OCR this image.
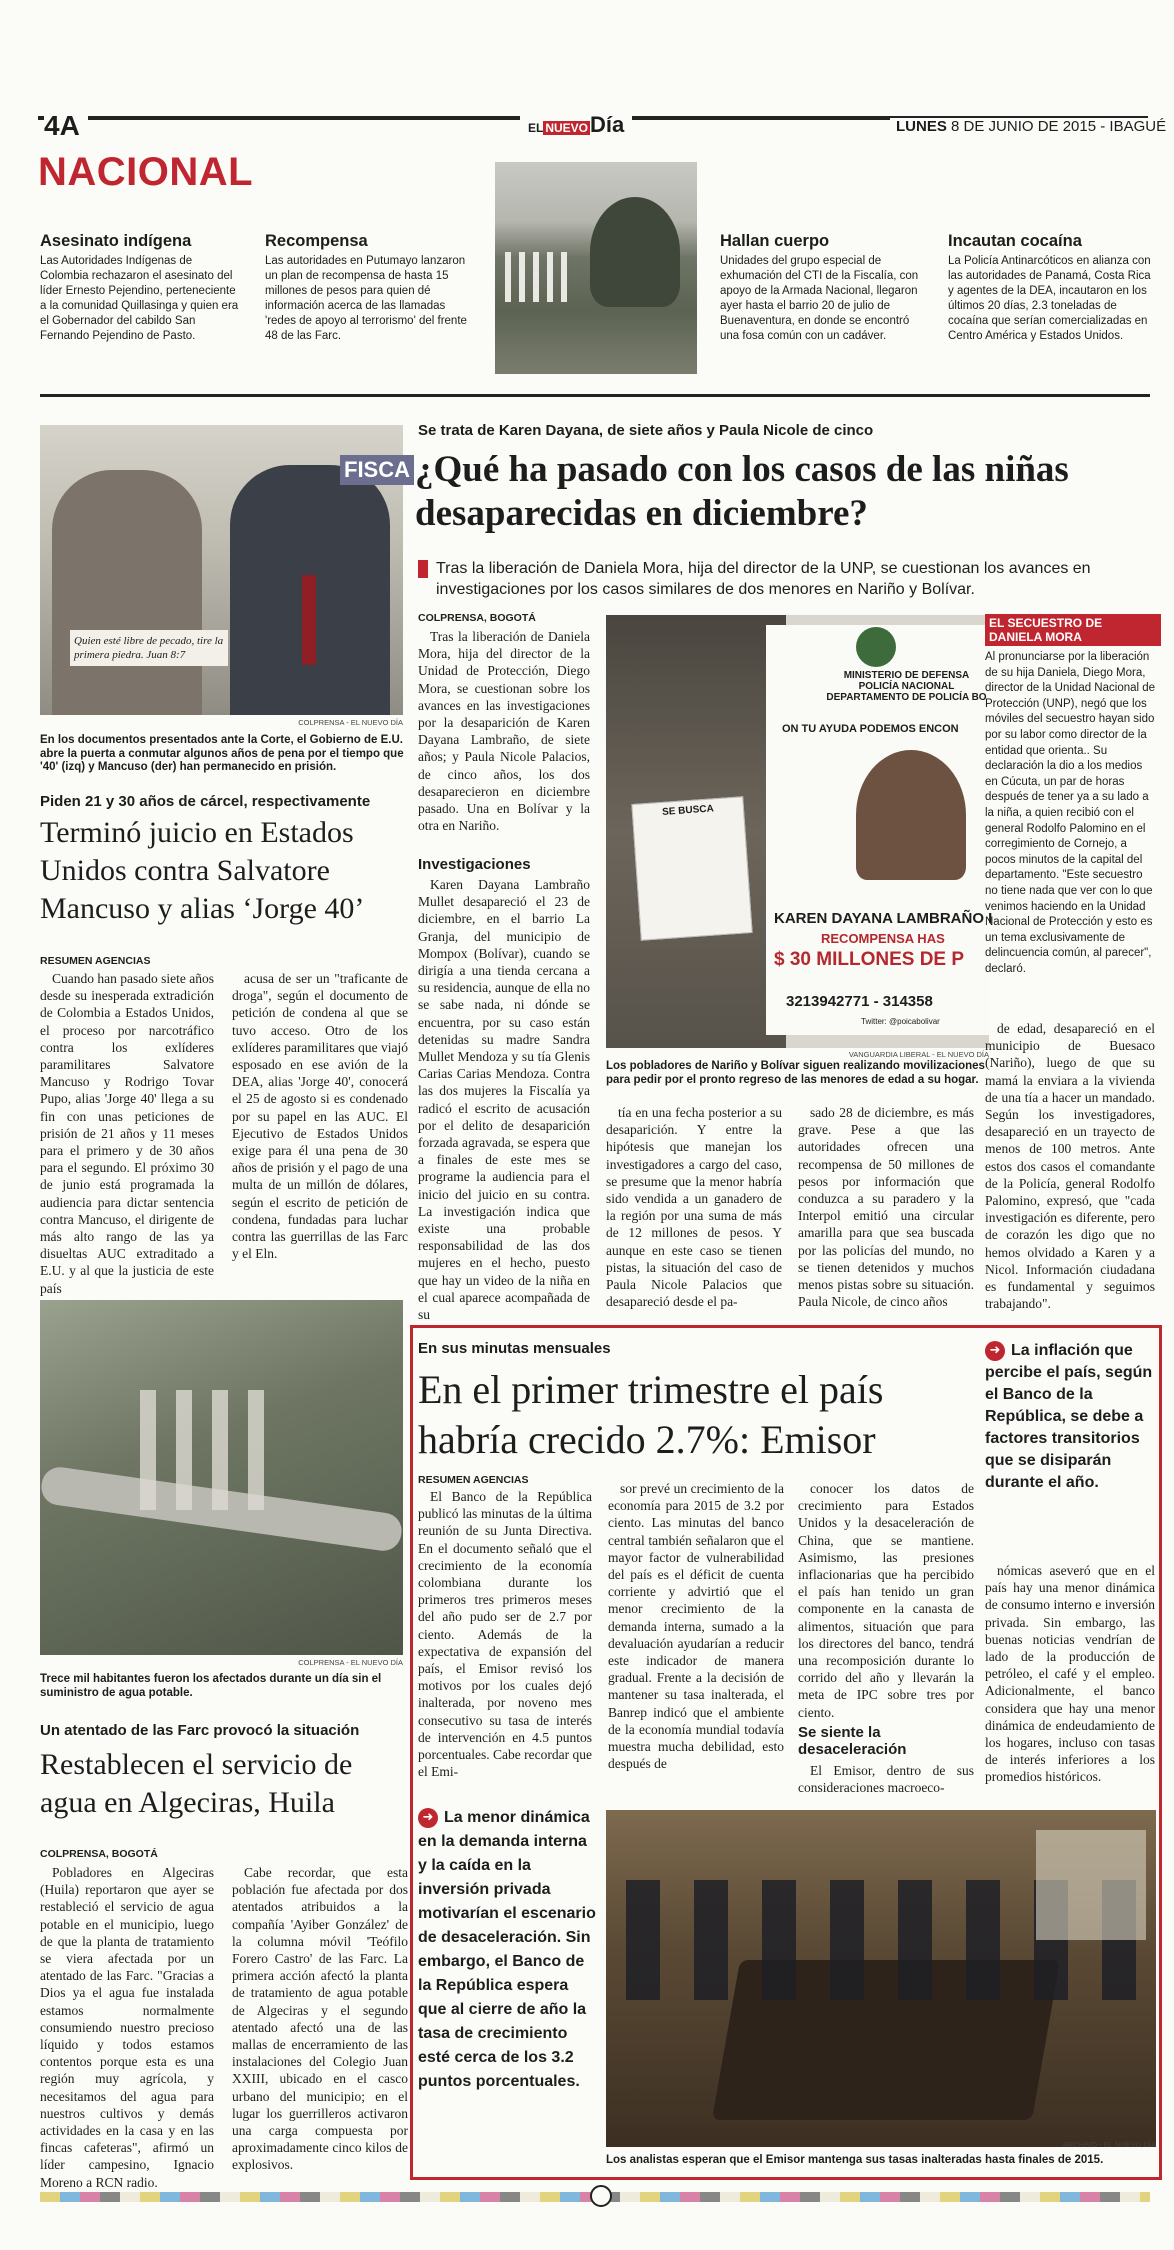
4A
NACIONAL
EL NUEVODía	LUNES 8 DE JUNIO DE 2015 - IBAGUÉ
Asesinato indígena

Las Autoridades Indígenas de Colombia rechazaron el asesinato del líder Ernesto Pejendino, perteneciente a la comunidad Quillasinga y quien era el Gobernador del cabildo San Fernando Pejendino de Pasto.

Recompensa

Las autoridades en Putumayo lanzaron un plan de recompensa de hasta 15 millones de pesos para quien dé información acerca de las llamadas 'redes de apoyo al terrorismo' del frente 48 de las Farc.

Hallan cuerpo

Unidades del grupo especial de exhumación del CTI de la Fiscalía, con apoyo de la Armada Nacional, llegaron ayer hasta el barrio 20 de julio de Buenaventura, en donde se encontró una fosa común con un cadáver.

Incautan cocaína

La Policía Antinarcóticos en alianza con las autoridades de Panamá, Costa Rica y agentes de la DEA, incautaron en los últimos 20 días, 2.3 toneladas de cocaína que serían comercializadas en Centro América y Estados Unidos.

FISCA
Quien esté libre de pecado, tire la primera piedra. Juan 8:7
COLPRENSA - EL NUEVO DÍA
En los documentos presentados ante la Corte, el Gobierno de E.U. abre la puerta a conmutar algunos años de pena por el tiempo que '40' (izq) y Mancuso (der) han permanecido en prisión.
Piden 21 y 30 años de cárcel, respectivamente
Terminó juicio en Estados Unidos contra Salvatore Mancuso y alias ‘Jorge 40’
RESUMEN AGENCIAS
Cuando han pasado siete años desde su inesperada extradición de Colombia a Estados Unidos, el proceso por narcotráfico contra los exlíderes paramilitares Salvatore Mancuso y Rodrigo Tovar Pupo, alias 'Jorge 40' llega a su fin con unas peticiones de prisión de 21 años y 11 meses para el primero y de 30 años para el segundo. El próximo 30 de junio está programada la audiencia para dictar sentencia contra Mancuso, el dirigente de más alto rango de las ya disueltas AUC extraditado a E.U. y al que la justicia de este país
acusa de ser un "traficante de droga", según el documento de petición de condena al que se tuvo acceso. Otro de los exlíderes paramilitares que viajó esposado en ese avión de la DEA, alias 'Jorge 40', conocerá el 25 de agosto si es condenado por su papel en las AUC. El Ejecutivo de Estados Unidos exige para él una pena de 30 años de prisión y el pago de una multa de un millón de dólares, según el escrito de petición de condena, fundadas para luchar contra las guerrillas de las Farc y el Eln.
COLPRENSA - EL NUEVO DÍA
Trece mil habitantes fueron los afectados durante un día sin el suministro de agua potable.
Un atentado de las Farc provocó la situación
Restablecen el servicio de agua en Algeciras, Huila
COLPRENSA, BOGOTÁ
Pobladores en Algeciras (Huila) reportaron que ayer se restableció el servicio de agua potable en el municipio, luego de que la planta de tratamiento se viera afectada por un atentado de las Farc. "Gracias a Dios ya el agua fue instalada estamos normalmente consumiendo nuestro precioso líquido y todos estamos contentos porque esta es una región muy agrícola, y necesitamos del agua para nuestros cultivos y demás actividades en la casa y en las fincas cafeteras", afirmó un líder campesino, Ignacio Moreno a RCN radio.
Cabe recordar, que esta población fue afectada por dos atentados atribuidos a la compañía 'Ayiber González' de la columna móvil 'Teófilo Forero Castro' de las Farc. La primera acción afectó la planta de tratamiento de agua potable de Algeciras y el segundo atentado afectó una de las mallas de encerramiento de las instalaciones del Colegio Juan XXIII, ubicado en el casco urbano del municipio; en el lugar los guerrilleros activaron una carga compuesta por aproximadamente cinco kilos de explosivos.
Se trata de Karen Dayana, de siete años y Paula Nicole de cinco
¿Qué ha pasado con los casos de las niñas desaparecidas en diciembre?
Tras la liberación de Daniela Mora, hija del director de la UNP, se cuestionan los avances en investigaciones por los casos similares de dos menores en Nariño y Bolívar.
COLPRENSA, BOGOTÁ
Tras la liberación de Daniela Mora, hija del director de la Unidad de Protección, Diego Mora, se cuestionan sobre los avances en las investigaciones por la desaparición de Karen Dayana Lambraño, de siete años; y Paula Nicole Palacios, de cinco años, los dos desaparecieron en diciembre pasado. Una en Bolívar y la otra en Nariño.
Investigaciones
Karen Dayana Lambraño Mullet desapareció el 23 de diciembre, en el barrio La Granja, del municipio de Mompox (Bolívar), cuando se dirigía a una tienda cercana a su residencia, aunque de ella no se sabe nada, ni dónde se encuentra, por su caso están detenidas su madre Sandra Mullet Mendoza y su tía Glenis Carias Carias Mendoza. Contra las dos mujeres la Fiscalía ya radicó el escrito de acusación por el delito de desaparición forzada agravada, se espera que a finales de este mes se programe la audiencia para el inicio del juicio en su contra. La investigación indica que existe una probable responsabilidad de las dos mujeres en el hecho, puesto que hay un video de la niña en el cual aparece acompañada de su
MINISTERIO DE DEFENSA POLICÍA NACIONAL DEPARTAMENTO DE POLICÍA BO
ON TU AYUDA PODEMOS ENCON
SE BUSCA
KAREN DAYANA LAMBRAÑO I
RECOMPENSA HAS
$ 30 MILLONES DE P
3213942771 - 314358
Twitter: @poicabolivar
VANGUARDIA LIBERAL - EL NUEVO DÍA
Los pobladores de Nariño y Bolívar siguen realizando movilizaciones para pedir por el pronto regreso de las menores de edad a su hogar.
tía en una fecha posterior a su desaparición. Y entre la hipótesis que manejan los investigadores a cargo del caso, se presume que la menor habría sido vendida a un ganadero de la región por una suma de más de 12 millones de pesos. Y aunque en este caso se tienen pistas, la situación del caso de Paula Nicole Palacios que desapareció desde el pa-
sado 28 de diciembre, es más grave. Pese a que las autoridades ofrecen una recompensa de 50 millones de pesos por información que conduzca a su paradero y la Interpol emitió una circular amarilla para que sea buscada por las policías del mundo, no se tienen detenidos y muchos menos pistas sobre su situación. Paula Nicole, de cinco años
de edad, desapareció en el municipio de Buesaco (Nariño), luego de que su mamá la enviara a la vivienda de una tía a hacer un mandado. Según los investigadores, desapareció en un trayecto de menos de 100 metros. Ante estos dos casos el comandante de la Policía, general Rodolfo Palomino, expresó, que "cada investigación es diferente, pero de corazón les digo que no hemos olvidado a Karen y a Nicol. Información ciudadana es fundamental y seguimos trabajando".
EL SECUESTRO DE DANIELA MORA
Al pronunciarse por la liberación de su hija Daniela, Diego Mora, director de la Unidad Nacional de Protección (UNP), negó que los móviles del secuestro hayan sido por su labor como director de la entidad que orienta.. Su declaración la dio a los medios en Cúcuta, un par de horas después de tener ya a su lado a la niña, a quien recibió con el general Rodolfo Palomino en el corregimiento de Cornejo, a pocos minutos de la capital del departamento. "Este secuestro no tiene nada que ver con lo que venimos haciendo en la Unidad Nacional de Protección y esto es un tema exclusivamente de delincuencia común, al parecer", declaró.
En sus minutas mensuales
En el primer trimestre el país habría crecido 2.7%: Emisor
➜ La inflación que percibe el país, según el Banco de la República, se debe a factores transitorios que se disiparán durante el año.
RESUMEN AGENCIAS
El Banco de la República publicó las minutas de la última reunión de su Junta Directiva. En el documento señaló que el crecimiento de la economía colombiana durante los primeros tres primeros meses del año pudo ser de 2.7 por ciento. Además de la expectativa de expansión del país, el Emisor revisó los motivos por los cuales dejó inalterada, por noveno mes consecutivo su tasa de interés de intervención en 4.5 puntos porcentuales. Cabe recordar que el Emi-
sor prevé un crecimiento de la economía para 2015 de 3.2 por ciento. Las minutas del banco central también señalaron que el mayor factor de vulnerabilidad del país es el déficit de cuenta corriente y advirtió que el menor crecimiento de la demanda interna, sumado a la devaluación ayudarían a reducir este indicador de manera gradual. Frente a la decisión de mantener su tasa inalterada, el Banrep indicó que el ambiente de la economía mundial todavía muestra mucha debilidad, esto después de
conocer los datos de crecimiento para Estados Unidos y la desaceleración de China, que se mantiene. Asimismo, las presiones inflacionarias que ha percibido el país han tenido un gran componente en la canasta de alimentos, situación que para los directores del banco, tendrá una recomposición durante lo corrido del año y llevarán la meta de IPC sobre tres por ciento.
Se siente la desaceleración
El Emisor, dentro de sus consideraciones macroeco-
nómicas aseveró que en el país hay una menor dinámica de consumo interno e inversión privada. Sin embargo, las buenas noticias vendrían de lado de la producción de petróleo, el café y el empleo. Adicionalmente, el banco considera que hay una menor dinámica de endeudamiento de los hogares, incluso con tasas de interés inferiores a los promedios históricos.
➜ La menor dinámica en la demanda interna y la caída en la inversión privada motivarían el escenario de desaceleración. Sin embargo, el Banco de la República espera que al cierre de año la tasa de crecimiento esté cerca de los 3.2 puntos porcentuales.
ARCHIVO - EL NUEVO DÍA
Los analistas esperan que el Emisor mantenga sus tasas inalteradas hasta finales de 2015.
